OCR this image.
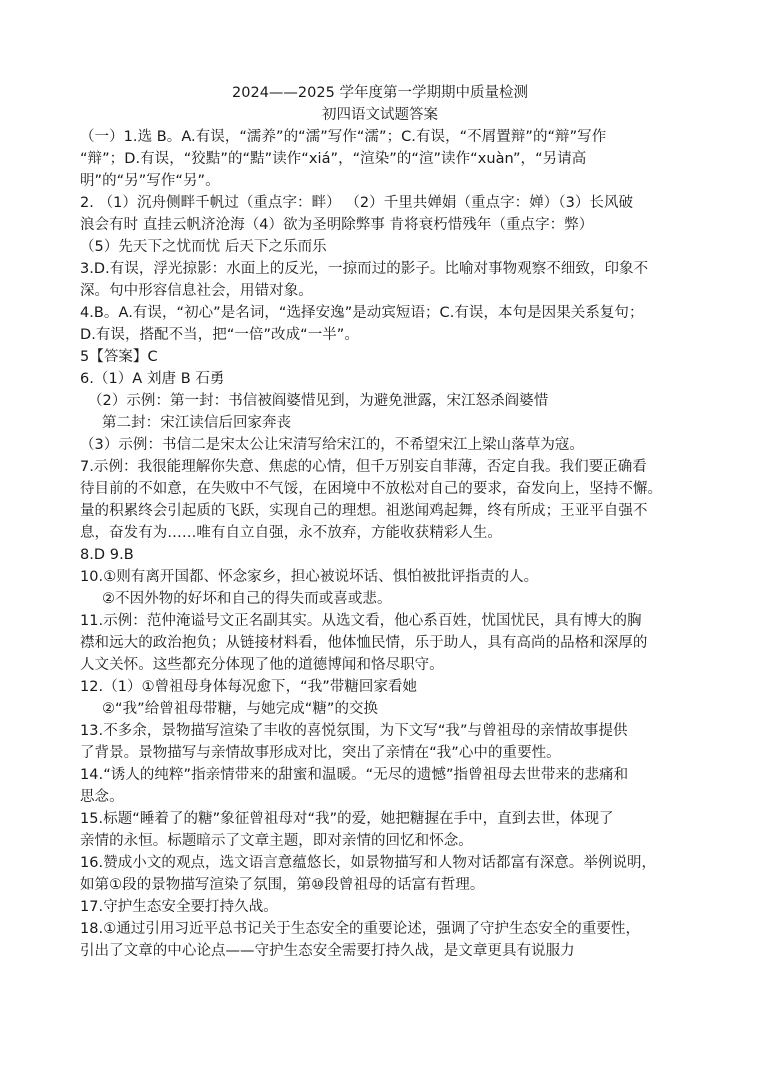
2024——2025 学年度第一学期期中质量检测
初四语文试题答案
（一）1.选 B。A.有误，“濡养”的“濡”写作“濡”；C.有误，“不屑置辩”的“辩”写作
“辩”；D.有误，“狡黠”的“黠”读作“xiá”，“渲染”的“渲”读作“xuàn”，“另请高
明”的“另”写作“另”。
2. （1）沉舟侧畔千帆过（重点字：畔） （2）千里共婵娟（重点字：婵）（3）长风破
浪会有时 直挂云帆济沧海（4）欲为圣明除弊事 肯将衰朽惜残年（重点字：弊）
（5）先天下之忧而忧 后天下之乐而乐
3.D.有误，浮光掠影：水面上的反光，一掠而过的影子。比喻对事物观察不细致，印象不
深。句中形容信息社会，用错对象。
4.B。A.有误，“初心”是名词，“选择安逸”是动宾短语；C.有误，本句是因果关系复句；
D.有误，搭配不当，把“一倍”改成“一半”。
5【答案】C
6.（1）A 刘唐 B 石勇
（2）示例：第一封：书信被阎婆惜见到，为避免泄露，宋江怒杀阎婆惜
第二封：宋江读信后回家奔丧
（3）示例：书信二是宋太公让宋清写给宋江的，不希望宋江上梁山落草为寇。
7.示例：我很能理解你失意、焦虑的心情，但千万别妄自菲薄，否定自我。我们要正确看
待目前的不如意，在失败中不气馁，在困境中不放松对自己的要求，奋发向上，坚持不懈。
量的积累终会引起质的飞跃，实现自己的理想。祖逖闻鸡起舞，终有所成；王亚平自强不
息，奋发有为……唯有自立自强，永不放弃，方能收获精彩人生。
8.D 9.B
10.①则有离开国都、怀念家乡，担心被说坏话、惧怕被批评指责的人。
②不因外物的好坏和自己的得失而或喜或悲。
11.示例：范仲淹谥号文正名副其实。从选文看，他心系百姓，忧国忧民，具有博大的胸
襟和远大的政治抱负；从链接材料看，他体恤民情，乐于助人，具有高尚的品格和深厚的
人文关怀。这些都充分体现了他的道德博闻和恪尽职守。
12.（1）①曾祖母身体每况愈下，“我”带糖回家看她
②“我”给曾祖母带糖，与她完成“糖”的交换
13.不多余，景物描写渲染了丰收的喜悦氛围，为下文写“我”与曾祖母的亲情故事提供
了背景。景物描写与亲情故事形成对比，突出了亲情在“我”心中的重要性。
14.“诱人的纯粹”指亲情带来的甜蜜和温暖。“无尽的遗憾”指曾祖母去世带来的悲痛和
思念。
15.标题“睡着了的糖”象征曾祖母对“我”的爱，她把糖握在手中，直到去世，体现了
亲情的永恒。标题暗示了文章主题，即对亲情的回忆和怀念。
16.赞成小文的观点，选文语言意蕴悠长，如景物描写和人物对话都富有深意。举例说明，
如第①段的景物描写渲染了氛围，第⑩段曾祖母的话富有哲理。
17.守护生态安全要打持久战。
18.①通过引用习近平总书记关于生态安全的重要论述，强调了守护生态安全的重要性，
引出了文章的中心论点——守护生态安全需要打持久战，是文章更具有说服力
